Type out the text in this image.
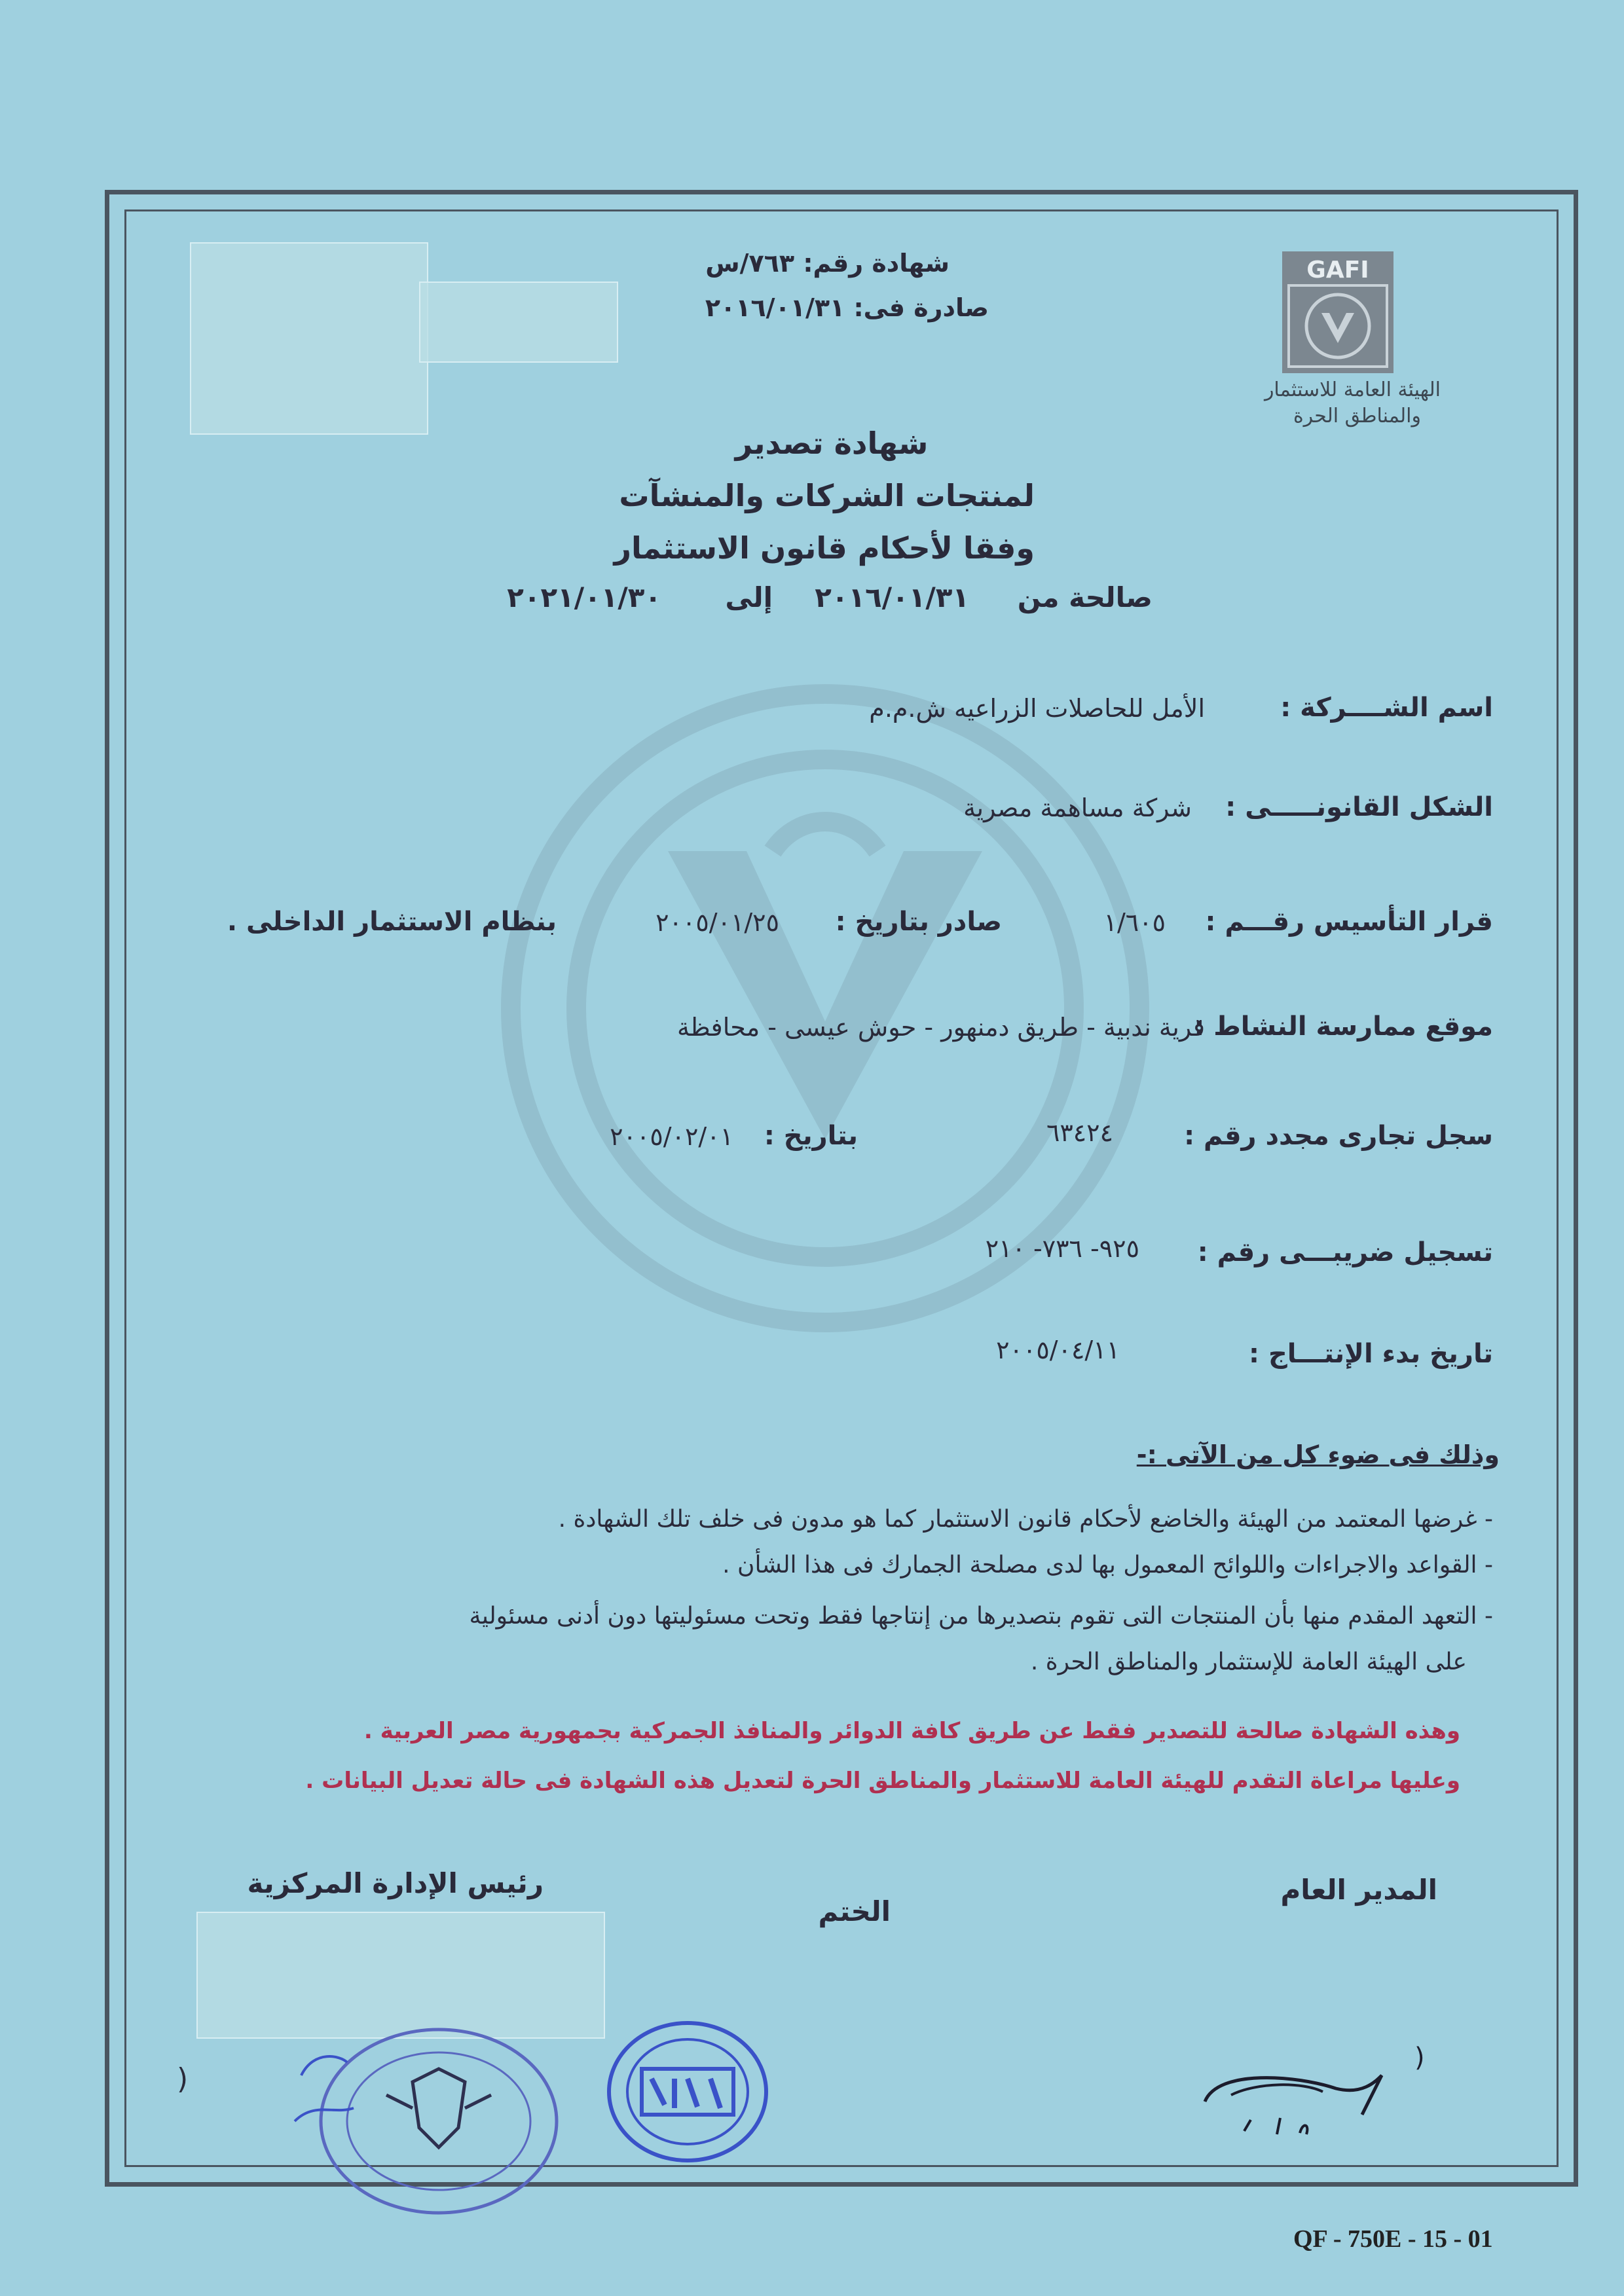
GAFI
الهيئة العامة للاستثمار
والمناطق الحرة
شهادة رقم: ٧٦٣/س
صادرة فى: ٢٠١٦/٠١/٣١
شهادة تصدير
لمنتجات الشركات والمنشآت
وفقا لأحكام قانون الاستثمار
صالحة من
٢٠١٦/٠١/٣١
إلى
٢٠٢١/٠١/٣٠
اسم الشــــركة :
الأمل للحاصلات الزراعيه ش.م.م
الشكل القانونـــــى :
شركة مساهمة مصرية
قرار التأسيس رقـــم :
١/٦٠٥
صادر بتاريخ :
٢٠٠٥/٠١/٢٥
بنظام الاستثمار الداخلى .
موقع ممارسة النشاط :
قرية ندبية - طريق دمنهور - حوش عيسى - محافظة
سجل تجارى مجدد رقم :
٦٣٤٢٤
بتاريخ :
٢٠٠٥/٠٢/٠١
تسجيل ضريبـــى رقم :
٩٢٥- ٧٣٦- ٢١٠
تاريخ بدء الإنتـــاج :
٢٠٠٥/٠٤/١١
وذلك فى ضوء كل من الآتى :-
- غرضها المعتمد من الهيئة والخاضع لأحكام قانون الاستثمار كما هو مدون فى خلف تلك الشهادة .
- القواعد والاجراءات واللوائح المعمول بها لدى مصلحة الجمارك فى هذا الشأن .
- التعهد المقدم منها بأن المنتجات التى تقوم بتصديرها من إنتاجها فقط وتحت مسئوليتها دون أدنى مسئولية
على الهيئة العامة للإستثمار والمناطق الحرة .
وهذه الشهادة صالحة للتصدير فقط عن طريق كافة الدوائر والمنافذ الجمركية بجمهورية مصر العربية .
وعليها مراعاة التقدم للهيئة العامة للاستثمار والمناطق الحرة لتعديل هذه الشهادة فى حالة تعديل البيانات .
المدير العام
الختم
رئيس الإدارة المركزية
)
(
QF - 750E - 15 - 01
